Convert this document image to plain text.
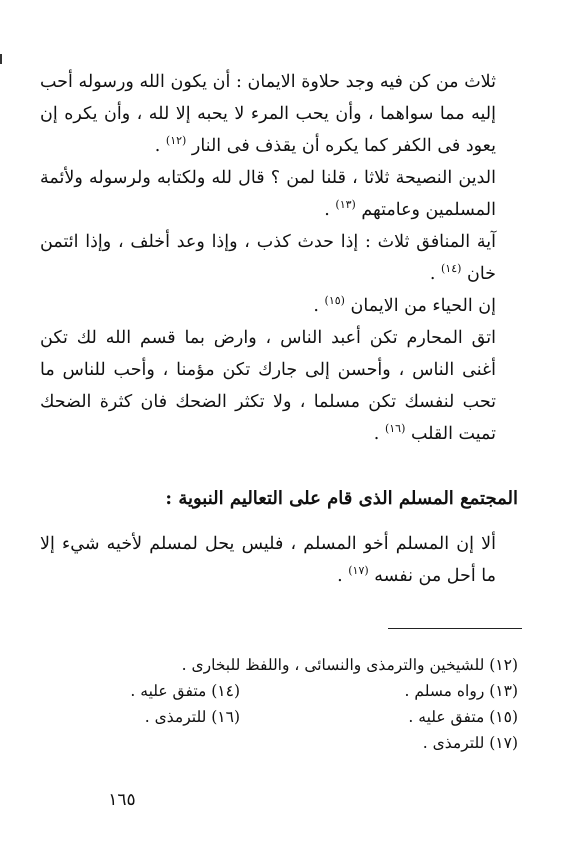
ثلاث من كن فيه وجد حلاوة الايمان : أن يكون الله ورسوله أحب إليه مما سواهما ، وأن يحب المرء لا يحبه إلا لله ، وأن يكره إن يعود فى الكفر كما يكره أن يقذف فى النار $^{(١٢)}$ .

الدين النصيحة ثلاثا ، قلنا لمن ؟ قال لله ولكتابه ولرسوله ولأئمة المسلمين وعامتهم $^{(١٣)}$ .

آية المنافق ثلاث : إذا حدث كذب ، وإذا وعد أخلف ، وإذا ائتمن خان $^{(١٤)}$ .

إن الحياء من الايمان $^{(١٥)}$ .

اتق المحارم تكن أعبد الناس ، وارض بما قسم الله لك تكن أغنى الناس ، وأحسن إلى جارك تكن مؤمنا ، وأحب للناس ما تحب لنفسك تكن مسلما ، ولا تكثر الضحك فان كثرة الضحك تميت القلب $^{(١٦)}$ .

المجتمع المسلم الذى قام على التعاليم النبوية :

ألا إن المسلم أخو المسلم ، فليس يحل لمسلم لأخيه شيء إلا ما أحل من نفسه $^{(١٧)}$ .

(١٢) للشيخين والترمذى والنسائى ، واللفظ للبخارى .
(١٣) رواه مسلم .
(١٤) متفق عليه .
(١٥) متفق عليه .
(١٦) للترمذى .
(١٧) للترمذى .
١٦٥
